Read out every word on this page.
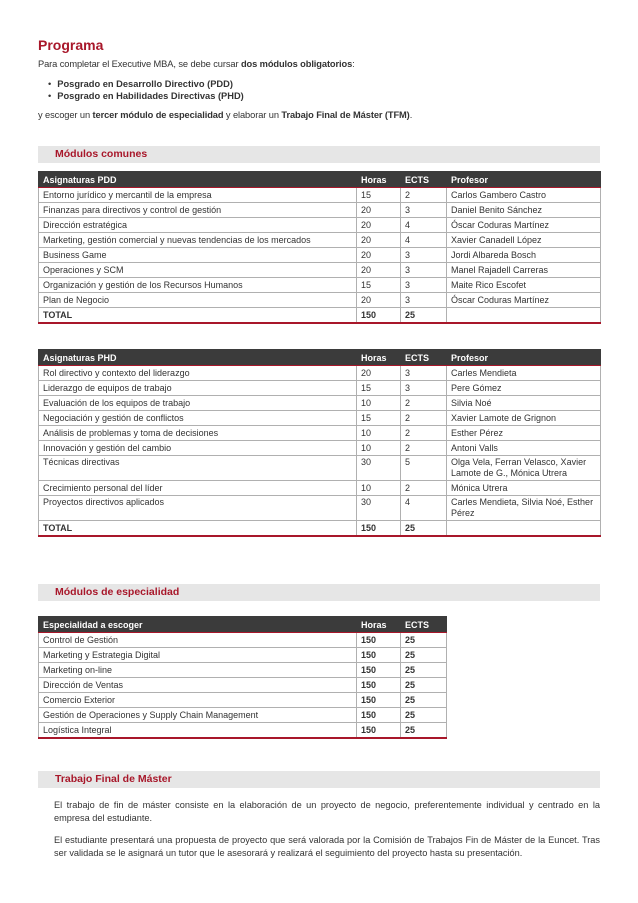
Programa
Para completar el Executive MBA, se debe cursar dos módulos obligatorios:
• Posgrado en Desarrollo Directivo (PDD)
• Posgrado en Habilidades Directivas (PHD)
y escoger un tercer módulo de especialidad y elaborar un Trabajo Final de Máster (TFM).
Módulos comunes
Asignaturas PDD	Horas	ECTS	Profesor
Entorno jurídico y mercantil de la empresa	15	2	Carlos Gambero Castro
Finanzas para directivos y control de gestión	20	3	Daniel Benito Sánchez
Dirección estratégica	20	4	Óscar Coduras Martínez
Marketing, gestión comercial y nuevas tendencias de los mercados	20	4	Xavier Canadell López
Business Game	20	3	Jordi Albareda Bosch
Operaciones y SCM	20	3	Manel Rajadell Carreras
Organización y gestión de los Recursos Humanos	15	3	Maite Rico Escofet
Plan de Negocio	20	3	Óscar Coduras Martínez
TOTAL	150	25	
Asignaturas PHD	Horas	ECTS	Profesor
Rol directivo y contexto del liderazgo	20	3	Carles Mendieta
Liderazgo de equipos de trabajo	15	3	Pere Gómez
Evaluación de los equipos de trabajo	10	2	Silvia Noé
Negociación y gestión de conflictos	15	2	Xavier Lamote de Grignon
Análisis de problemas y toma de decisiones	10	2	Esther Pérez
Innovación y gestión del cambio	10	2	Antoni Valls
Técnicas directivas	30	5	Olga Vela, Ferran Velasco, Xavier Lamote de G., Mónica Utrera
Crecimiento personal del líder	10	2	Mónica Utrera
Proyectos directivos aplicados	30	4	Carles Mendieta, Silvia Noé, Esther Pérez
TOTAL	150	25	
Módulos de especialidad
Especialidad a escoger	Horas	ECTS
Control de Gestión	150	25
Marketing y Estrategia Digital	150	25
Marketing on-line	150	25
Dirección de Ventas	150	25
Comercio Exterior	150	25
Gestión de Operaciones y Supply Chain Management	150	25
Logística Integral	150	25
Trabajo Final de Máster

El trabajo de fin de máster consiste en la elaboración de un proyecto de negocio, preferentemente individual y centrado en la empresa del estudiante.

El estudiante presentará una propuesta de proyecto que será valorada por la Comisión de Trabajos Fin de Máster de la Euncet. Tras ser validada se le asignará un tutor que le asesorará y realizará el seguimiento del proyecto hasta su presentación.
